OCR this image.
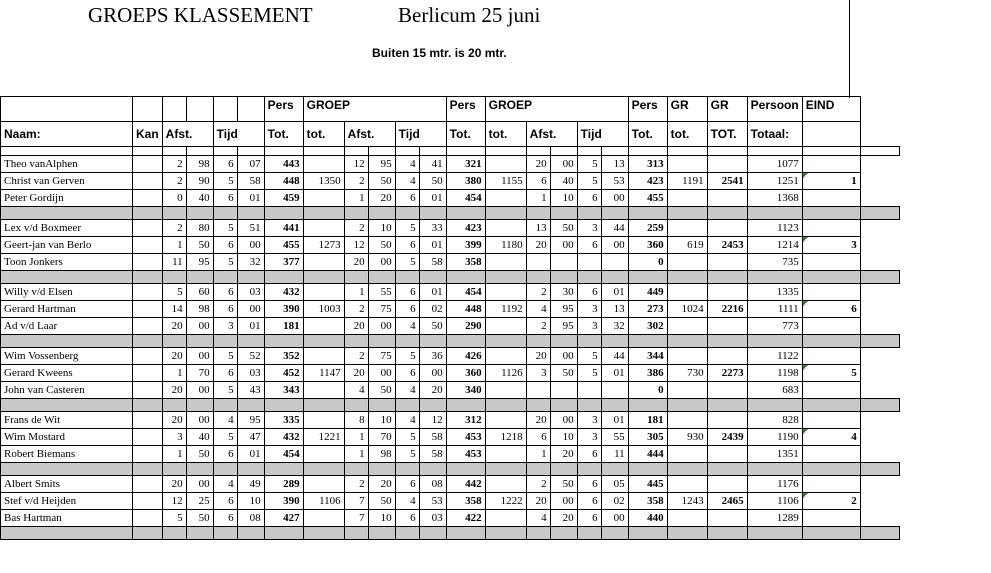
GROEPS KLASSEMENT	Berlicum 25 juni
Buiten 15 mtr. is 20 mtr.
						Pers	GROEP					Pers	GROEP					Pers	GR	GR	Persoon	EIND	
Naam:	Kan	Afst.		Tijd		Tot.	tot.	Afst.		Tijd		Tot.	tot.	Afst.		Tijd		Tot.	tot.	TOT.	Totaal:		

Theo vanAlphen		2	98	6	07	443		12	95	4	41	321		20	00	5	13	313			1077		
Christ van Gerven		2	90	5	58	448	1350	2	50	4	50	380	1155	6	40	5	53	423	1191	2541	1251	1	
Peter Gordijn		0	40	6	01	459		1	20	6	01	454		1	10	6	00	455			1368		

Lex v/d Boxmeer		2	80	5	51	441		2	10	5	33	423		13	50	3	44	259			1123		
Geert-jan van Berlo		1	50	6	00	455	1273	12	50	6	01	399	1180	20	00	6	00	360	619	2453	1214	3	
Toon Jonkers		11	95	5	32	377		20	00	5	58	358						0			735		

Willy v/d Elsen		5	60	6	03	432		1	55	6	01	454		2	30	6	01	449			1335		
Gerard Hartman		14	98	6	00	390	1003	2	75	6	02	448	1192	4	95	3	13	273	1024	2216	1111	6	
Ad v/d Laar		20	00	3	01	181		20	00	4	50	290		2	95	3	32	302			773		

Wim Vossenberg		20	00	5	52	352		2	75	5	36	426		20	00	5	44	344			1122		
Gerard Kweens		1	70	6	03	452	1147	20	00	6	00	360	1126	3	50	5	01	386	730	2273	1198	5	
John van Casteren		20	00	5	43	343		4	50	4	20	340						0			683		

Frans de Wit		20	00	4	95	335		8	10	4	12	312		20	00	3	01	181			828		
Wim Mostard		3	40	5	47	432	1221	1	70	5	58	453	1218	6	10	3	55	305	930	2439	1190	4	
Robert Biemans		1	50	6	01	454		1	98	5	58	453		1	20	6	11	444			1351		

Albert Smits		20	00	4	49	289		2	20	6	08	442		2	50	6	05	445			1176		
Stef v/d Heijden		12	25	6	10	390	1106	7	50	4	53	358	1222	20	00	6	02	358	1243	2465	1106	2	
Bas Hartman		5	50	6	08	427		7	10	6	03	422		4	20	6	00	440			1289		
